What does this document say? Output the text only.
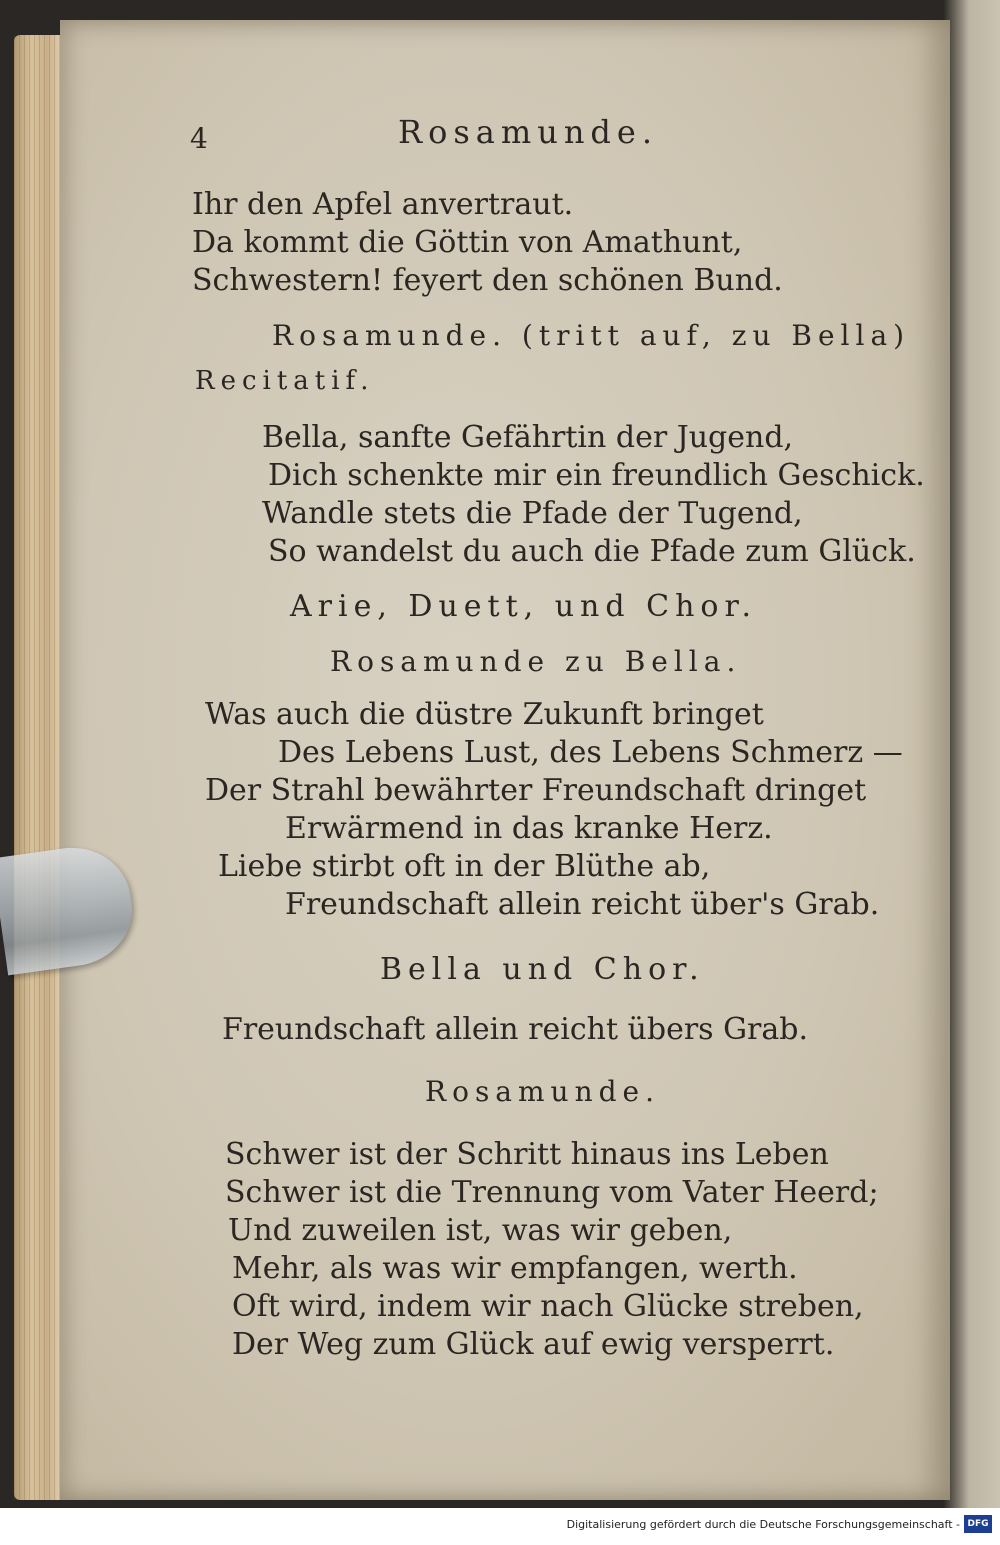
4	Rosamunde.
Ihr den Apfel anvertraut.
Da kommt die Göttin von Amathunt,
Schwestern! feyert den schönen Bund.
Rosamunde. (tritt auf, zu Bella)
Recitatif.
Bella, sanfte Gefährtin der Jugend,
Dich schenkte mir ein freundlich Geschick.
Wandle stets die Pfade der Tugend,
So wandelst du auch die Pfade zum Glück.
Arie, Duett, und Chor.
Rosamunde zu Bella.
Was auch die düstre Zukunft bringet
Des Lebens Lust, des Lebens Schmerz —
Der Strahl bewährter Freundschaft dringet
Erwärmend in das kranke Herz.
Liebe stirbt oft in der Blüthe ab,
Freundschaft allein reicht über's Grab.
Bella und Chor.
Freundschaft allein reicht übers Grab.
Rosamunde.
Schwer ist der Schritt hinaus ins Leben
Schwer ist die Trennung vom Vater Heerd;
Und zuweilen ist, was wir geben,
Mehr, als was wir empfangen, werth.
Oft wird, indem wir nach Glücke streben,
Der Weg zum Glück auf ewig versperrt.
Digitalisierung gefördert durch die Deutsche Forschungsgemeinschaft - DFG
